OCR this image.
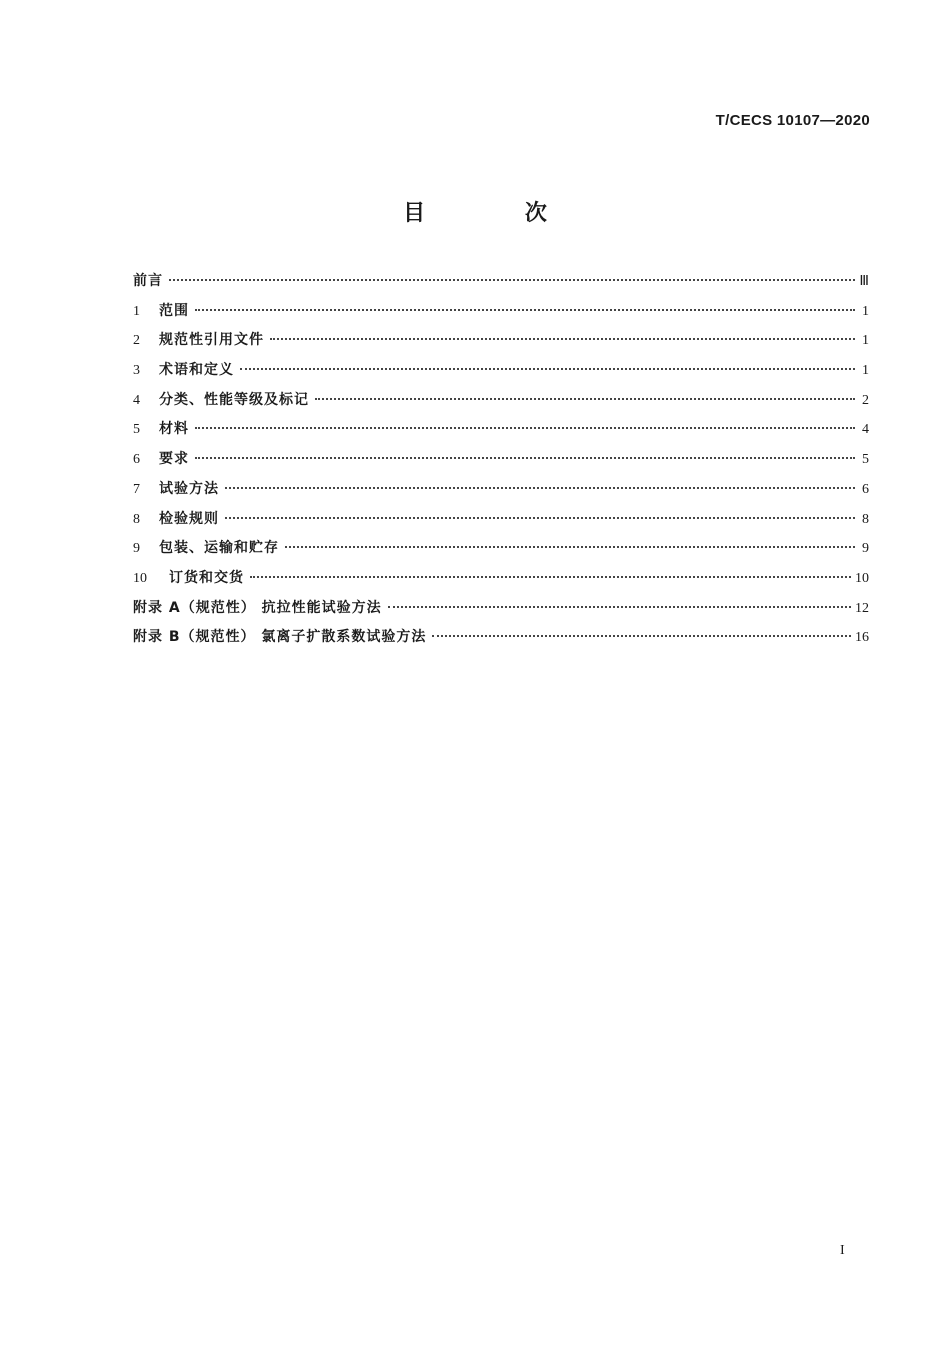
T/CECS 10107—2020
目 次
前言	Ⅲ
1	范围	1
2	规范性引用文件	1
3	术语和定义	1
4	分类、性能等级及标记	2
5	材料	4
6	要求	5
7	试验方法	6
8	检验规则	8
9	包装、运输和贮存	9
10	订货和交货	10
附录 A（规范性） 抗拉性能试验方法	12
附录 B（规范性） 氯离子扩散系数试验方法	16
I
